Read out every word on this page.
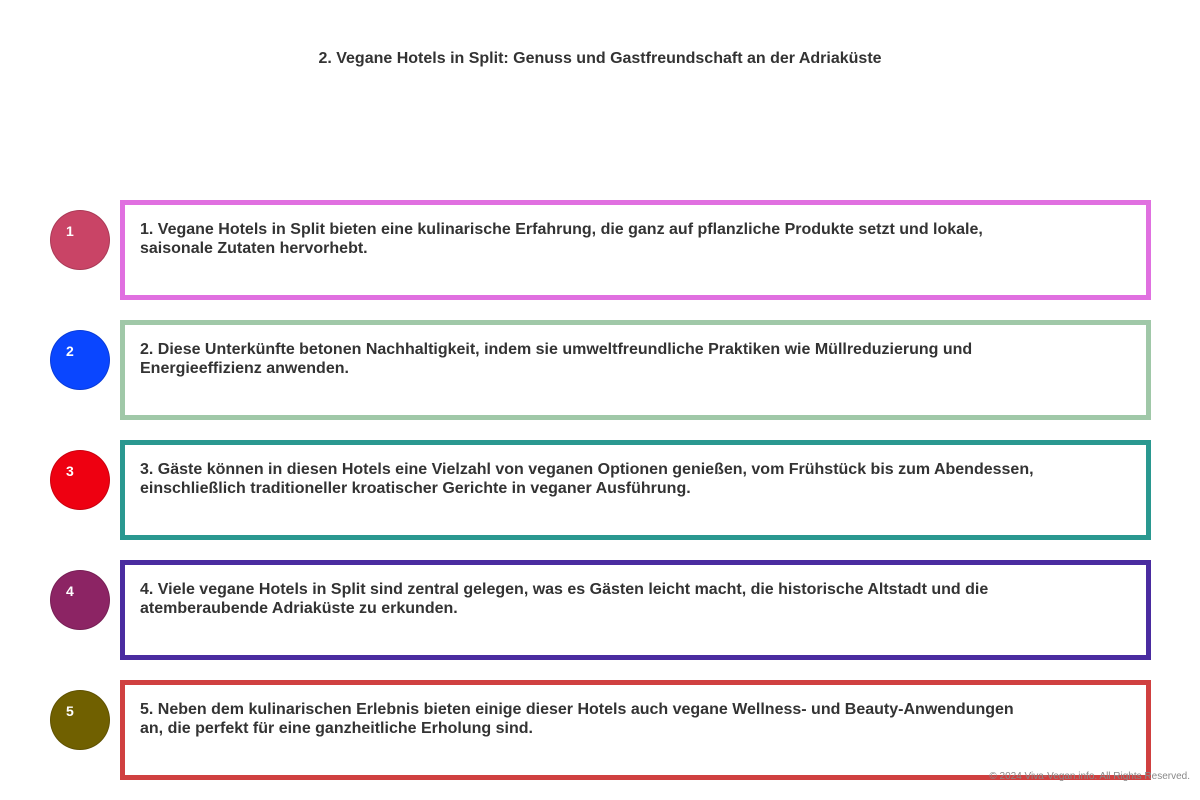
2. Vegane Hotels in Split: Genuss und Gastfreundschaft an der Adriaküste
1	1. Vegane Hotels in Split bieten eine kulinarische Erfahrung, die ganz auf pflanzliche Produkte setzt und lokale, saisonale Zutaten hervorhebt.
2	2. Diese Unterkünfte betonen Nachhaltigkeit, indem sie umweltfreundliche Praktiken wie Müllreduzierung und Energieeffizienz anwenden.
3	3. Gäste können in diesen Hotels eine Vielzahl von veganen Optionen genießen, vom Frühstück bis zum Abendessen, einschließlich traditioneller kroatischer Gerichte in veganer Ausführung.
4	4. Viele vegane Hotels in Split sind zentral gelegen, was es Gästen leicht macht, die historische Altstadt und die atemberaubende Adriaküste zu erkunden.
5	5. Neben dem kulinarischen Erlebnis bieten einige dieser Hotels auch vegane Wellness- und Beauty-Anwendungen an, die perfekt für eine ganzheitliche Erholung sind.
© 2024 Viva-Vegan.info. All Rights Reserved.
